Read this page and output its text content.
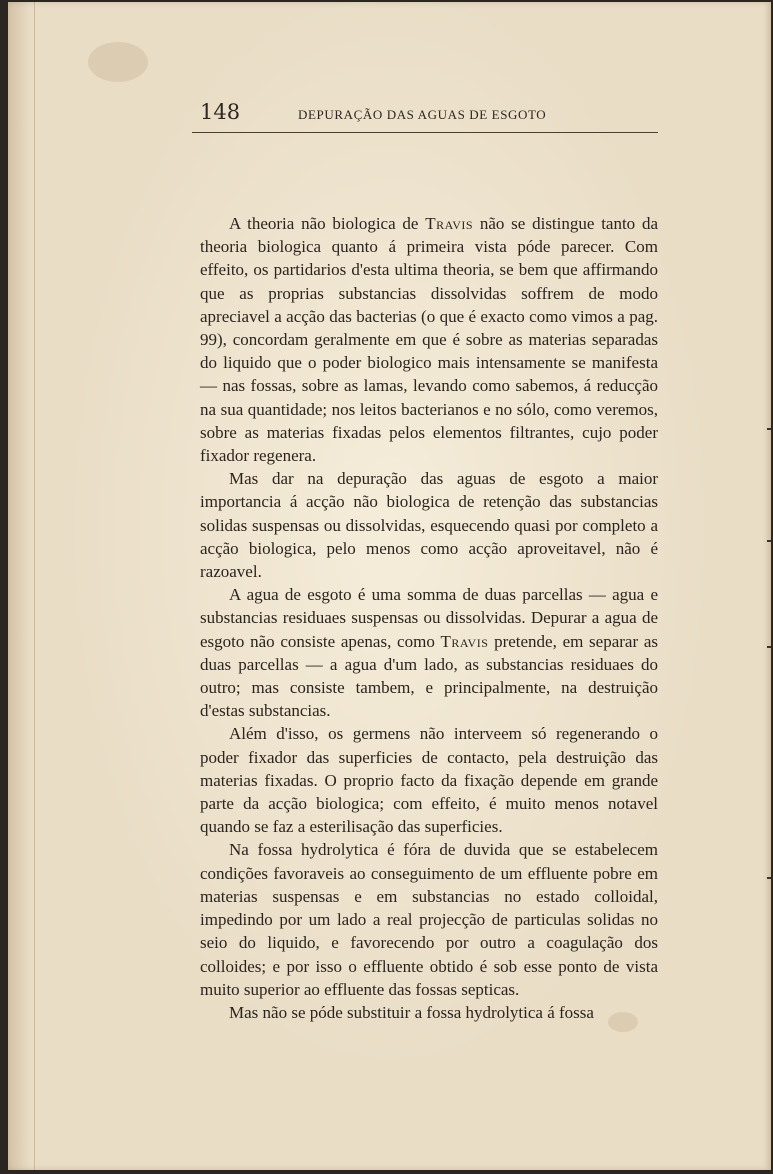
148	DEPURAÇÃO DAS AGUAS DE ESGOTO

A theoria não biologica de Travis não se distingue tanto da theoria biologica quanto á primeira vista póde parecer. Com effeito, os partidarios d'esta ultima theoria, se bem que affirmando que as proprias substancias dissolvidas soffrem de modo apreciavel a acção das bacterias (o que é exacto como vimos a pag. 99), concordam geralmente em que é sobre as materias separadas do liquido que o poder biologico mais intensamente se manifesta — nas fossas, sobre as lamas, levando como sabemos, á reducção na sua quantidade; nos leitos bacterianos e no sólo, como veremos, sobre as materias fixadas pelos elementos filtrantes, cujo poder fixador regenera.

Mas dar na depuração das aguas de esgoto a maior importancia á acção não biologica de retenção das substancias solidas suspensas ou dissolvidas, esquecendo quasi por completo a acção biologica, pelo menos como acção aproveitavel, não é razoavel.

A agua de esgoto é uma somma de duas parcellas — agua e substancias residuaes suspensas ou dissolvidas. Depurar a agua de esgoto não consiste apenas, como Travis pretende, em separar as duas parcellas — a agua d'um lado, as substancias residuaes do outro; mas consiste tambem, e principalmente, na destruição d'estas substancias.

Além d'isso, os germens não interveem só regenerando o poder fixador das superficies de contacto, pela destruição das materias fixadas. O proprio facto da fixação depende em grande parte da acção biologica; com effeito, é muito menos notavel quando se faz a esterilisação das superficies.

Na fossa hydrolytica é fóra de duvida que se estabelecem condições favoraveis ao conseguimento de um effluente pobre em materias suspensas e em substancias no estado colloidal, impedindo por um lado a real projecção de particulas solidas no seio do liquido, e favorecendo por outro a coagulação dos colloides; e por isso o effluente obtido é sob esse ponto de vista muito superior ao effluente das fossas septicas.

Mas não se póde substituir a fossa hydrolytica á fossa
